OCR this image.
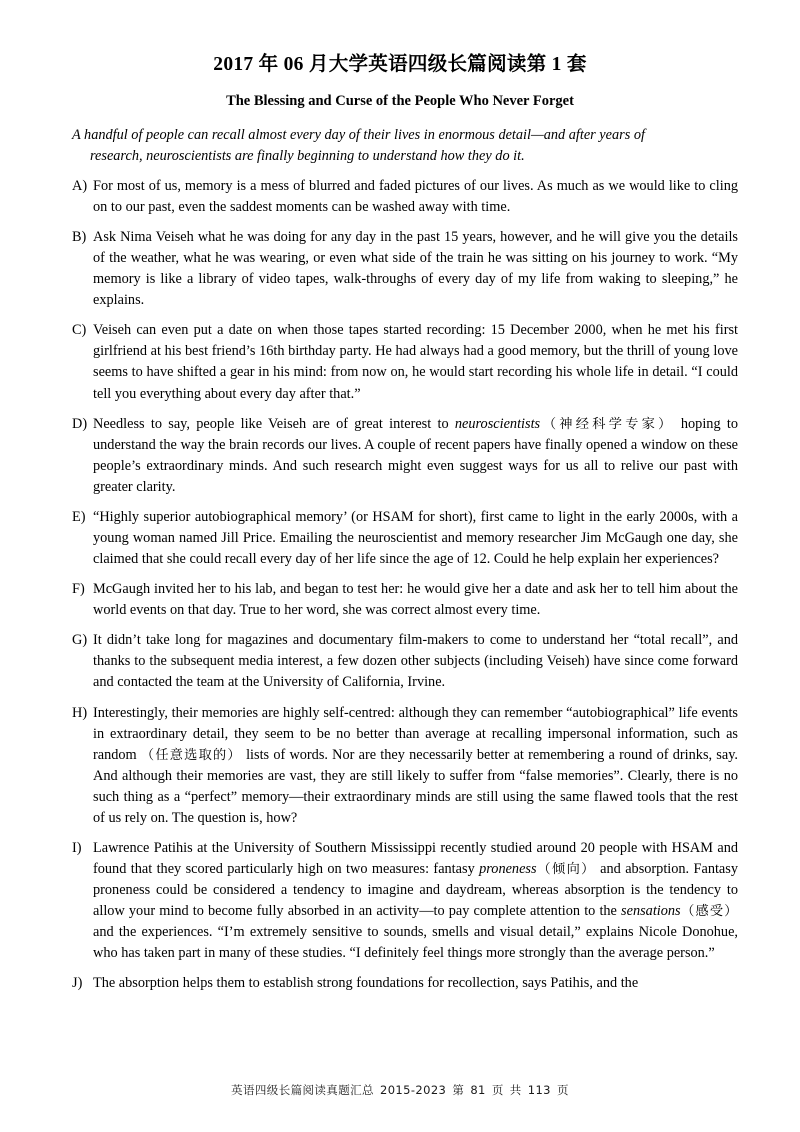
2017 年 06 月大学英语四级长篇阅读第 1 套
The Blessing and Curse of the People Who Never Forget
A handful of people can recall almost every day of their lives in enormous detail—and after years of
research, neuroscientists are finally beginning to understand how they do it.
A) For most of us, memory is a mess of blurred and faded pictures of our lives. As much as we would like to cling on to our past, even the saddest moments can be washed away with time.
B) Ask Nima Veiseh what he was doing for any day in the past 15 years, however, and he will give you the details of the weather, what he was wearing, or even what side of the train he was sitting on his journey to work. “My memory is like a library of video tapes, walk-throughs of every day of my life from waking to sleeping,” he explains.
C) Veiseh can even put a date on when those tapes started recording: 15 December 2000, when he met his first girlfriend at his best friend’s 16th birthday party. He had always had a good memory, but the thrill of young love seems to have shifted a gear in his mind: from now on, he would start recording his whole life in detail. “I could tell you everything about every day after that.”
D) Needless to say, people like Veiseh are of great interest to neuroscientists（神经科学专家） hoping to understand the way the brain records our lives. A couple of recent papers have finally opened a window on these people’s extraordinary minds. And such research might even suggest ways for us all to relive our past with greater clarity.
E) “Highly superior autobiographical memory’ (or HSAM for short), first came to light in the early 2000s, with a young woman named Jill Price. Emailing the neuroscientist and memory researcher Jim McGaugh one day, she claimed that she could recall every day of her life since the age of 12. Could he help explain her experiences?
F) McGaugh invited her to his lab, and began to test her: he would give her a date and ask her to tell him about the world events on that day. True to her word, she was correct almost every time.
G) It didn’t take long for magazines and documentary film-makers to come to understand her “total recall”, and thanks to the subsequent media interest, a few dozen other subjects (including Veiseh) have since come forward and contacted the team at the University of California, Irvine.
H) Interestingly, their memories are highly self-centred: although they can remember “autobiographical” life events in extraordinary detail, they seem to be no better than average at recalling impersonal information, such as random （任意选取的） lists of words. Nor are they necessarily better at remembering a round of drinks, say. And although their memories are vast, they are still likely to suffer from “false memories”. Clearly, there is no such thing as a “perfect” memory—their extraordinary minds are still using the same flawed tools that the rest of us rely on. The question is, how?
I) Lawrence Patihis at the University of Southern Mississippi recently studied around 20 people with HSAM and found that they scored particularly high on two measures: fantasy proneness（倾向） and absorption. Fantasy proneness could be considered a tendency to imagine and daydream, whereas absorption is the tendency to allow your mind to become fully absorbed in an activity—to pay complete attention to the sensations（感受） and the experiences. “I’m extremely sensitive to sounds, smells and visual detail,” explains Nicole Donohue, who has taken part in many of these studies. “I definitely feel things more strongly than the average person.”
J) The absorption helps them to establish strong foundations for recollection, says Patihis, and the
英语四级长篇阅读真题汇总 2015-2023 第 81 页 共 113 页
